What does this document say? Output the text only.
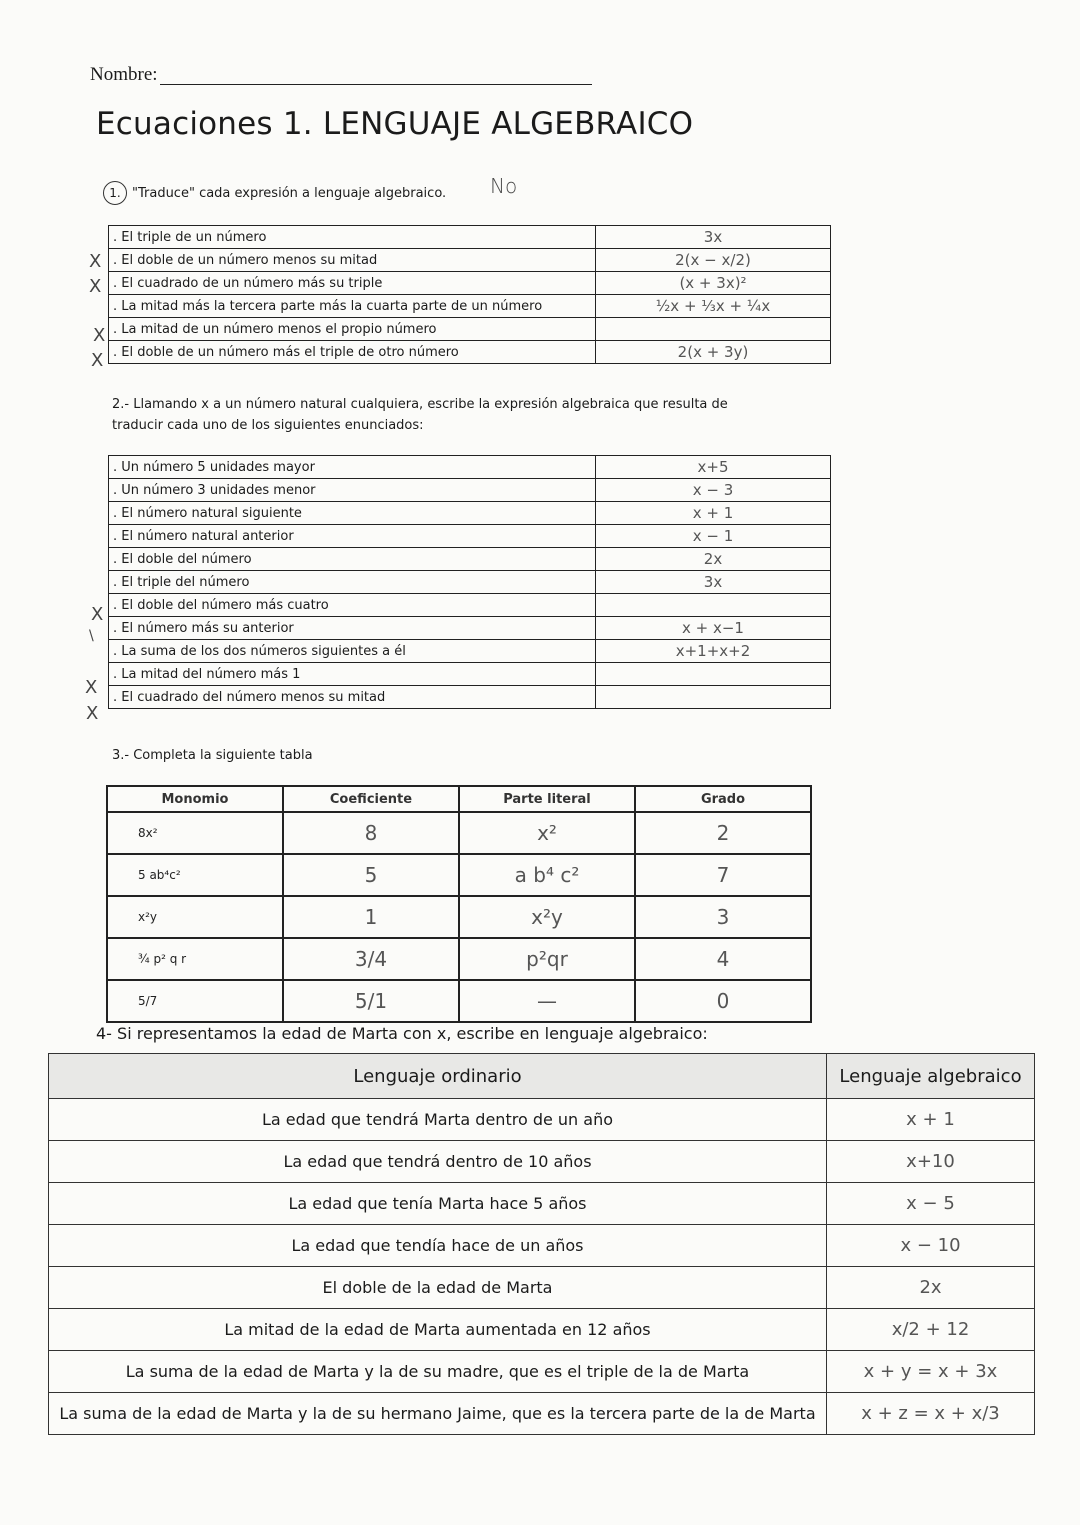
Nombre:
Ecuaciones 1. LENGUAJE ALGEBRAICO
1. "Traduce" cada expresión a lenguaje algebraico. No
. El triple de un número	3x
. El doble de un número menos su mitad	2(x − x/2)
. El cuadrado de un número más su triple	(x + 3x)²
. La mitad más la tercera parte más la cuarta parte de un número	½x + ⅓x + ¼x
. La mitad de un número menos el propio número	
. El doble de un número más el triple de otro número	2(x + 3y)
X
X
X
X
2.- Llamando x a un número natural cualquiera, escribe la expresión algebraica que resulta de
traducir cada uno de los siguientes enunciados:
. Un número 5 unidades mayor	x+5
. Un número 3 unidades menor	x − 3
. El número natural siguiente	x + 1
. El número natural anterior	x − 1
. El doble del número	2x
. El triple del número	3x
. El doble del número más cuatro	
. El número más su anterior	x + x−1
. La suma de los dos números siguientes a él	x+1+x+2
. La mitad del número más 1	
. El cuadrado del número menos su mitad	
X
\
X
X
3.- Completa la siguiente tabla
Monomio	Coeficiente	Parte literal	Grado
8x²	8	x²	2
5 ab⁴c²	5	a b⁴ c²	7
x²y	1	x²y	3
¾ p² q r	3/4	p²qr	4
5/7	5/1	—	0
4- Si representamos la edad de Marta con x, escribe en lenguaje algebraico:
Lenguaje ordinario	Lenguaje algebraico
La edad que tendrá Marta dentro de un año	x + 1
La edad que tendrá dentro de 10 años	x+10
La edad que tenía Marta hace 5 años	x − 5
La edad que tendía hace de un años	x − 10
El doble de la edad de Marta	2x
La mitad de la edad de Marta aumentada en 12 años	x/2 + 12
La suma de la edad de Marta y la de su madre, que es el triple de la de Marta	x + y = x + 3x
La suma de la edad de Marta y la de su hermano Jaime, que es la tercera parte de la de Marta	x + z = x + x/3
